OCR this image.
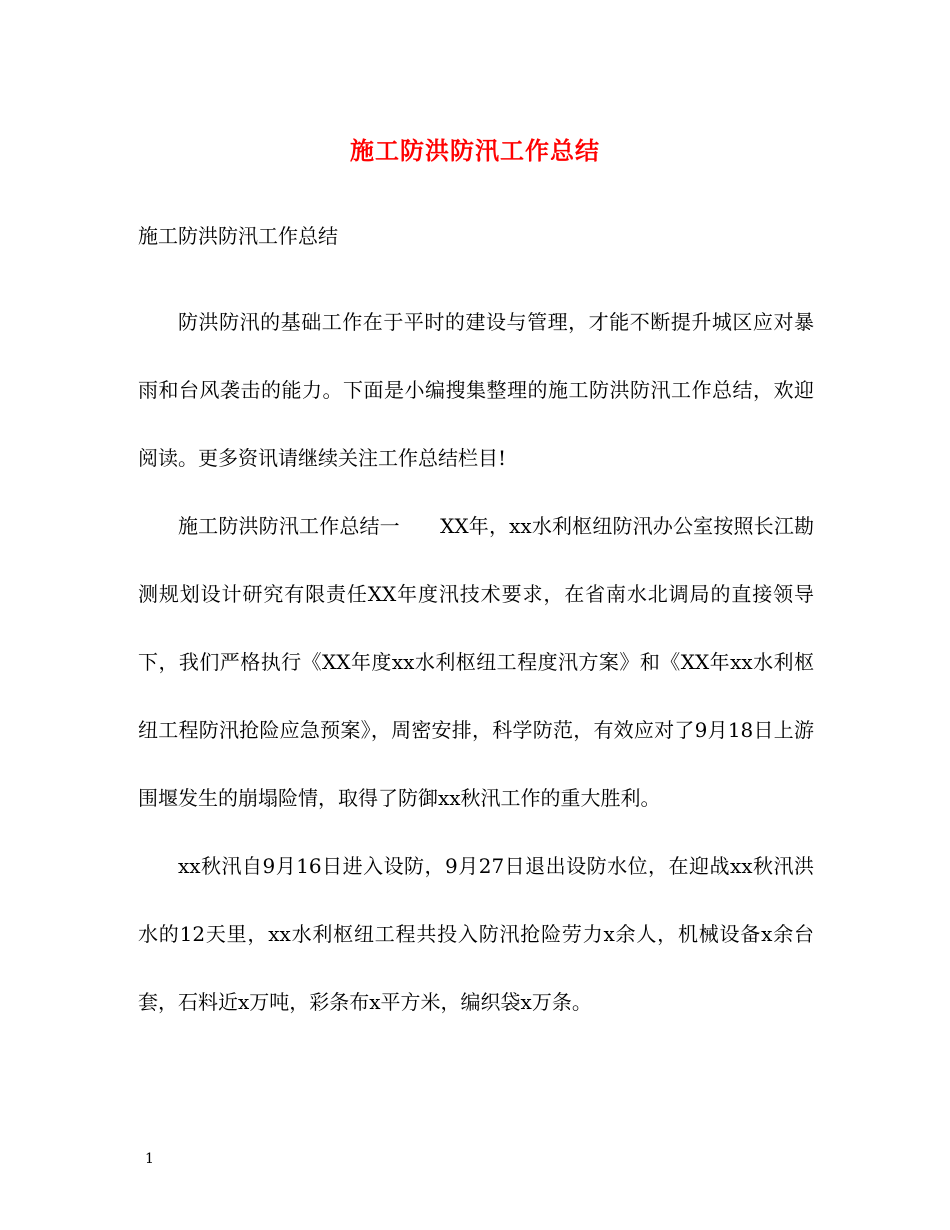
施工防洪防汛工作总结
施工防洪防汛工作总结

防洪防汛的基础工作在于平时的建设与管理，才能不断提升城区应对暴雨和台风袭击的能力。下面是小编搜集整理的施工防洪防汛工作总结，欢迎阅读。更多资讯请继续关注工作总结栏目!

施工防洪防汛工作总结一　　XX年，xx水利枢纽防汛办公室按照长江勘测规划设计研究有限责任XX年度汛技术要求，在省南水北调局的直接领导下，我们严格执行《XX年度xx水利枢纽工程度汛方案》和《XX年xx水利枢纽工程防汛抢险应急预案》，周密安排，科学防范，有效应对了9月18日上游围堰发生的崩塌险情，取得了防御xx秋汛工作的重大胜利。

xx秋汛自9月16日进入设防，9月27日退出设防水位，在迎战xx秋汛洪水的12天里，xx水利枢纽工程共投入防汛抢险劳力x余人，机械设备x余台套，石料近x万吨，彩条布x平方米，编织袋x万条。

1
